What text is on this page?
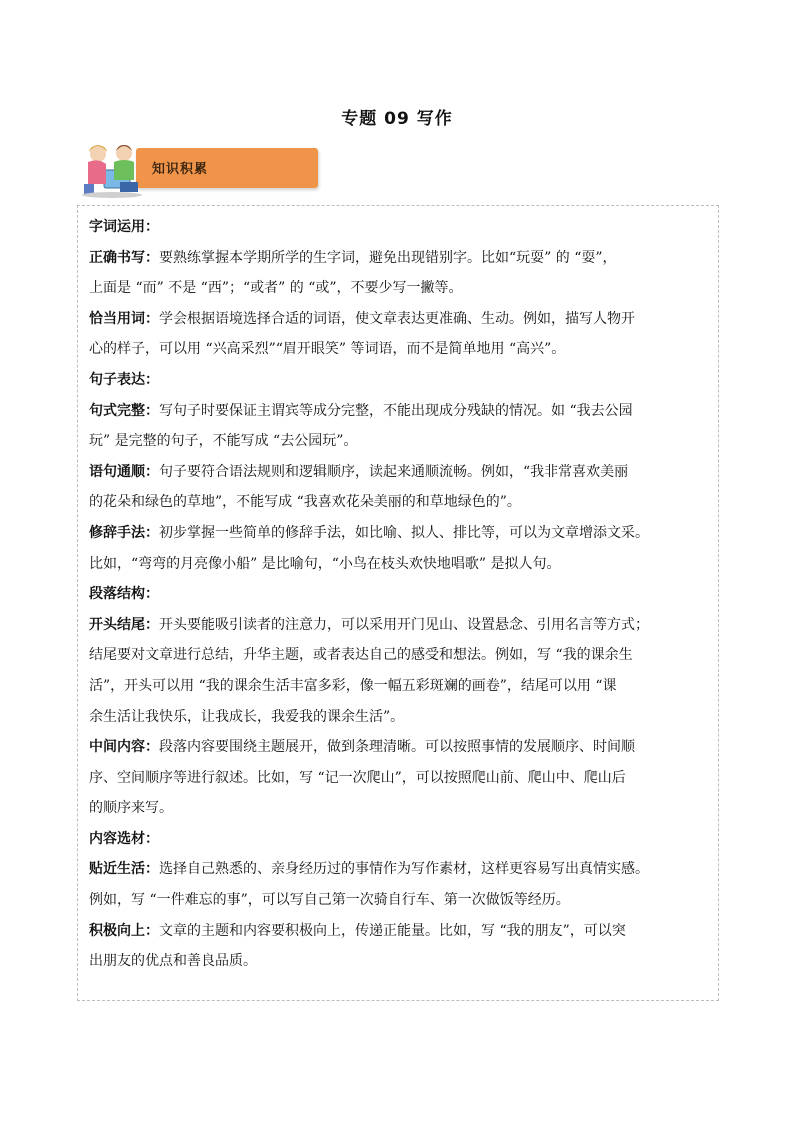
专题 09 写作
知识积累
字词运用：
正确书写：要熟练掌握本学期所学的生字词，避免出现错别字。比如“玩耍” 的 “耍”，
上面是 “而” 不是 “西”；“或者” 的 “或”，不要少写一撇等。
恰当用词：学会根据语境选择合适的词语，使文章表达更准确、生动。例如，描写人物开
心的样子，可以用 “兴高采烈”“眉开眼笑” 等词语，而不是简单地用 “高兴”。
句子表达：
句式完整：写句子时要保证主谓宾等成分完整，不能出现成分残缺的情况。如 “我去公园
玩” 是完整的句子，不能写成 “去公园玩”。
语句通顺：句子要符合语法规则和逻辑顺序，读起来通顺流畅。例如，“我非常喜欢美丽
的花朵和绿色的草地”，不能写成 “我喜欢花朵美丽的和草地绿色的”。
修辞手法：初步掌握一些简单的修辞手法，如比喻、拟人、排比等，可以为文章增添文采。
比如，“弯弯的月亮像小船” 是比喻句，“小鸟在枝头欢快地唱歌” 是拟人句。
段落结构：
开头结尾：开头要能吸引读者的注意力，可以采用开门见山、设置悬念、引用名言等方式；
结尾要对文章进行总结，升华主题，或者表达自己的感受和想法。例如，写 “我的课余生
活”，开头可以用 “我的课余生活丰富多彩，像一幅五彩斑斓的画卷”，结尾可以用 “课
余生活让我快乐，让我成长，我爱我的课余生活”。
中间内容：段落内容要围绕主题展开，做到条理清晰。可以按照事情的发展顺序、时间顺
序、空间顺序等进行叙述。比如，写 “记一次爬山”，可以按照爬山前、爬山中、爬山后
的顺序来写。
内容选材：
贴近生活：选择自己熟悉的、亲身经历过的事情作为写作素材，这样更容易写出真情实感。
例如，写 “一件难忘的事”，可以写自己第一次骑自行车、第一次做饭等经历。
积极向上：文章的主题和内容要积极向上，传递正能量。比如，写 “我的朋友”，可以突
出朋友的优点和善良品质。
